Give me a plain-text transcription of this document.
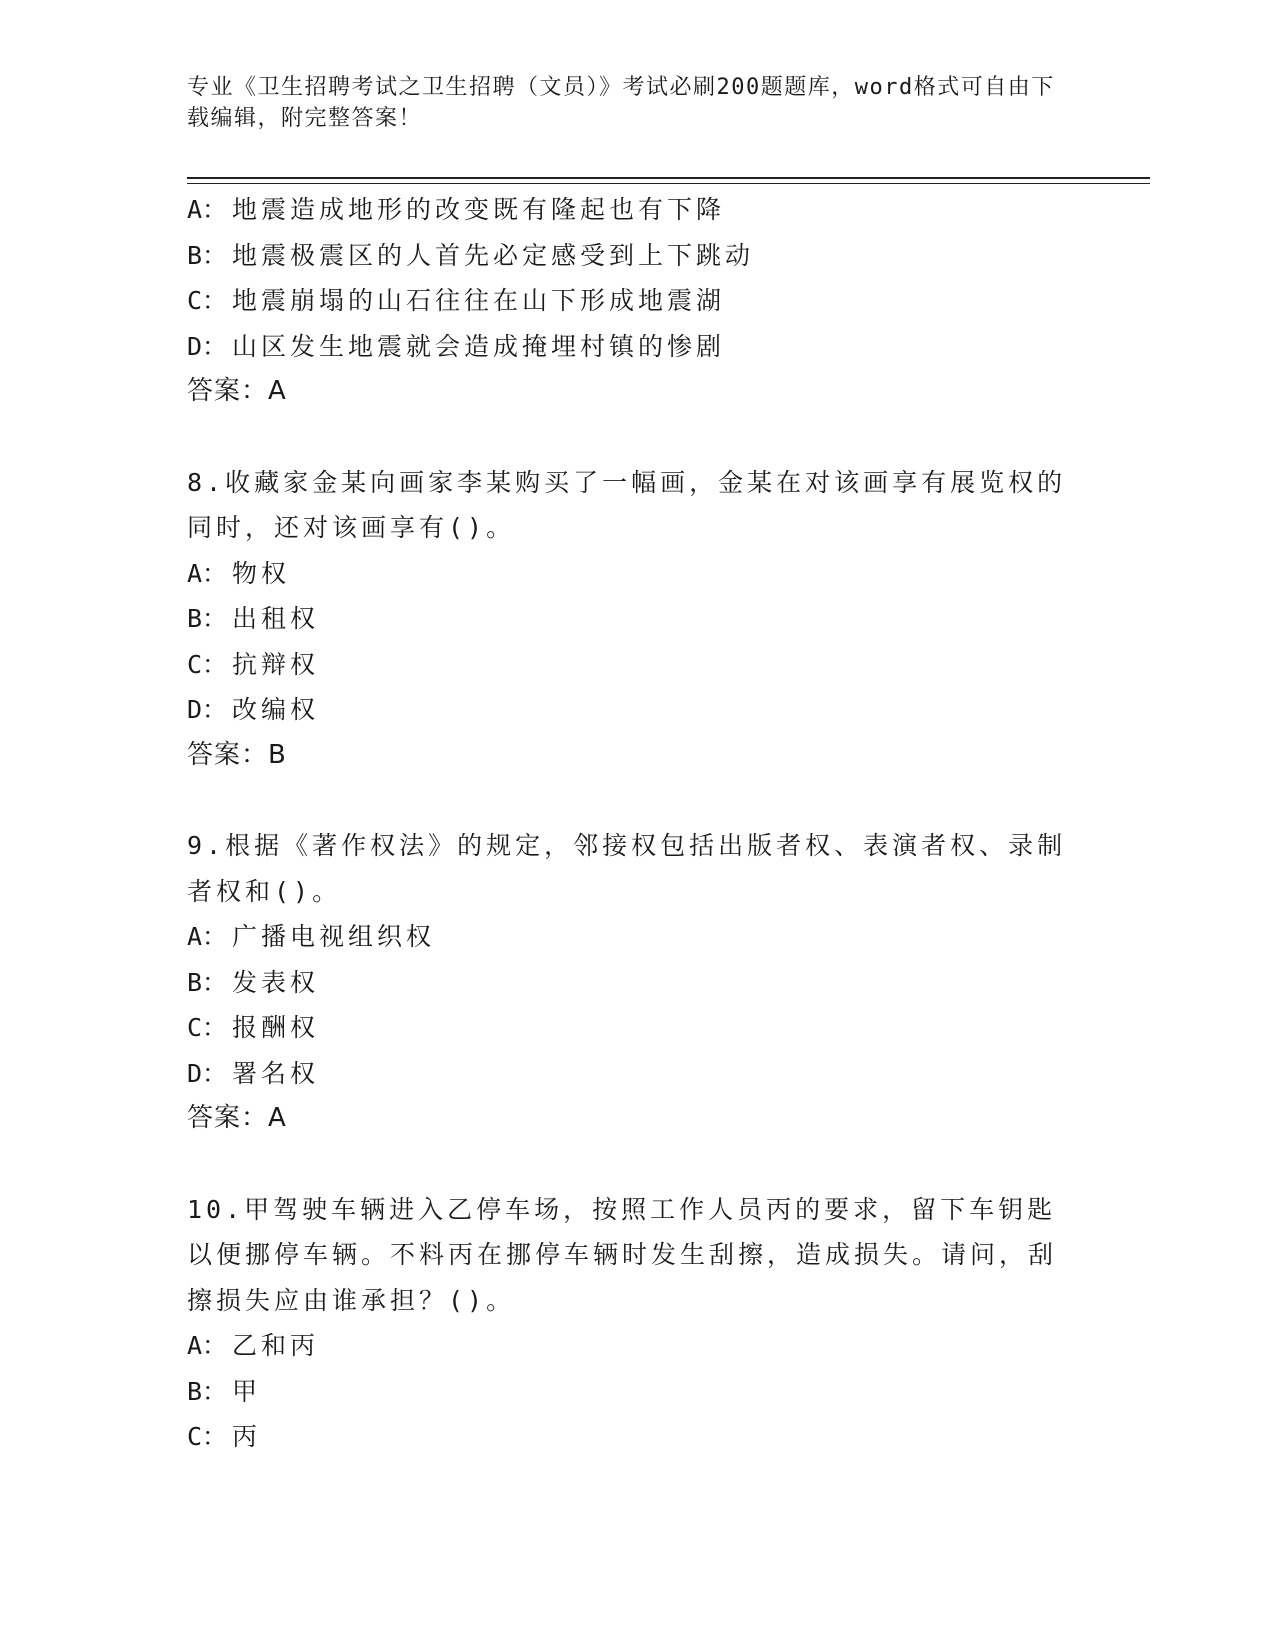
专业《卫生招聘考试之卫生招聘（文员）》考试必刷200题题库，word格式可自由下载编辑，附完整答案！
A： 地震造成地形的改变既有隆起也有下降
B： 地震极震区的人首先必定感受到上下跳动
C： 地震崩塌的山石往往在山下形成地震湖
D： 山区发生地震就会造成掩埋村镇的惨剧
答案：A
8.收藏家金某向画家李某购买了一幅画，金某在对该画享有展览权的同时，还对该画享有()。
A： 物权
B： 出租权
C： 抗辩权
D： 改编权
答案：B
9.根据《著作权法》的规定，邻接权包括出版者权、表演者权、录制者权和()。
A： 广播电视组织权
B： 发表权
C： 报酬权
D： 署名权
答案：A
10.甲驾驶车辆进入乙停车场，按照工作人员丙的要求，留下车钥匙以便挪停车辆。不料丙在挪停车辆时发生刮擦，造成损失。请问，刮擦损失应由谁承担？()。
A： 乙和丙
B： 甲
C： 丙
